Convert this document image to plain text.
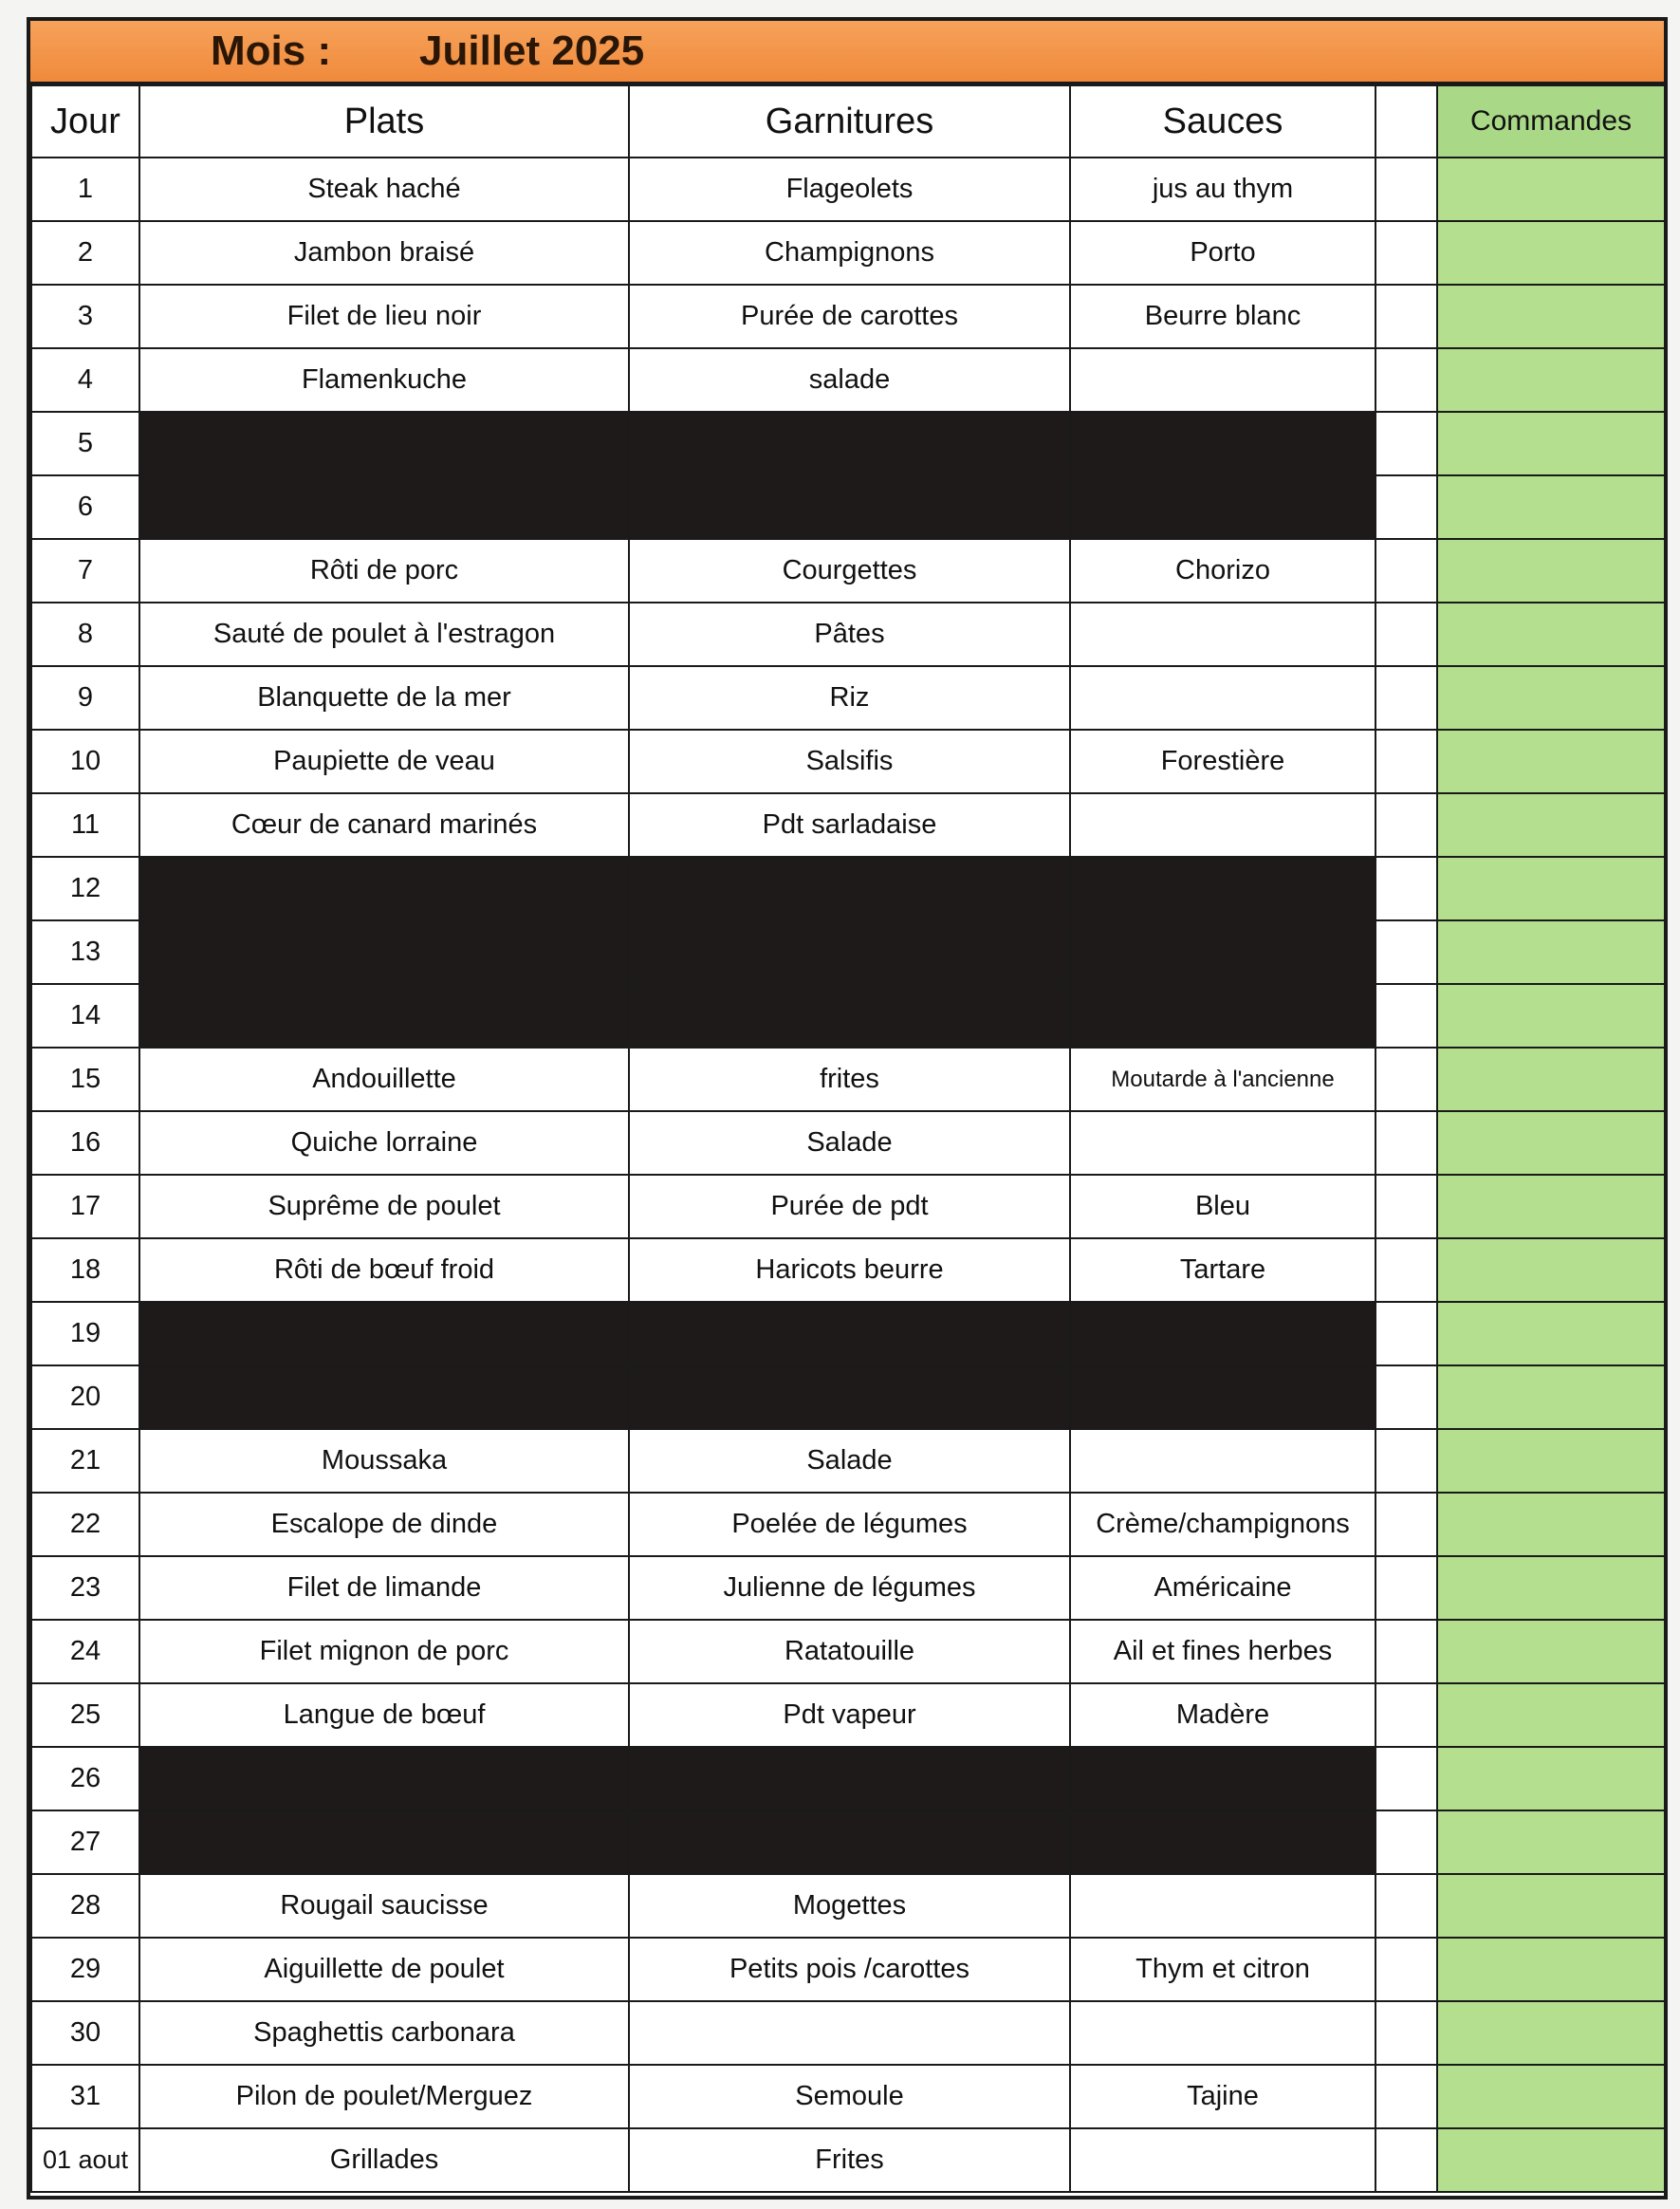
Mois :	Juillet 2025
Jour	Plats	Garnitures	Sauces		Commandes
1	Steak haché	Flageolets	jus au thym		
2	Jambon braisé	Champignons	Porto		
3	Filet de lieu noir	Purée de carottes	Beurre blanc		
4	Flamenkuche	salade			
5					
6					
7	Rôti de porc	Courgettes	Chorizo		
8	Sauté de poulet à l'estragon	Pâtes			
9	Blanquette de la mer	Riz			
10	Paupiette de veau	Salsifis	Forestière		
11	Cœur de canard marinés	Pdt sarladaise			
12					
13					
14					
15	Andouillette	frites	Moutarde à l'ancienne		
16	Quiche lorraine	Salade			
17	Suprême de poulet	Purée de pdt	Bleu		
18	Rôti de bœuf froid	Haricots beurre	Tartare		
19					
20					
21	Moussaka	Salade			
22	Escalope de dinde	Poelée de légumes	Crème/champignons		
23	Filet de limande	Julienne de légumes	Américaine		
24	Filet mignon de porc	Ratatouille	Ail et fines herbes		
25	Langue de bœuf	Pdt vapeur	Madère		
26					
27					
28	Rougail saucisse	Mogettes			
29	Aiguillette de poulet	Petits pois /carottes	Thym et citron		
30	Spaghettis carbonara				
31	Pilon de poulet/Merguez	Semoule	Tajine		
01 aout	Grillades	Frites			
